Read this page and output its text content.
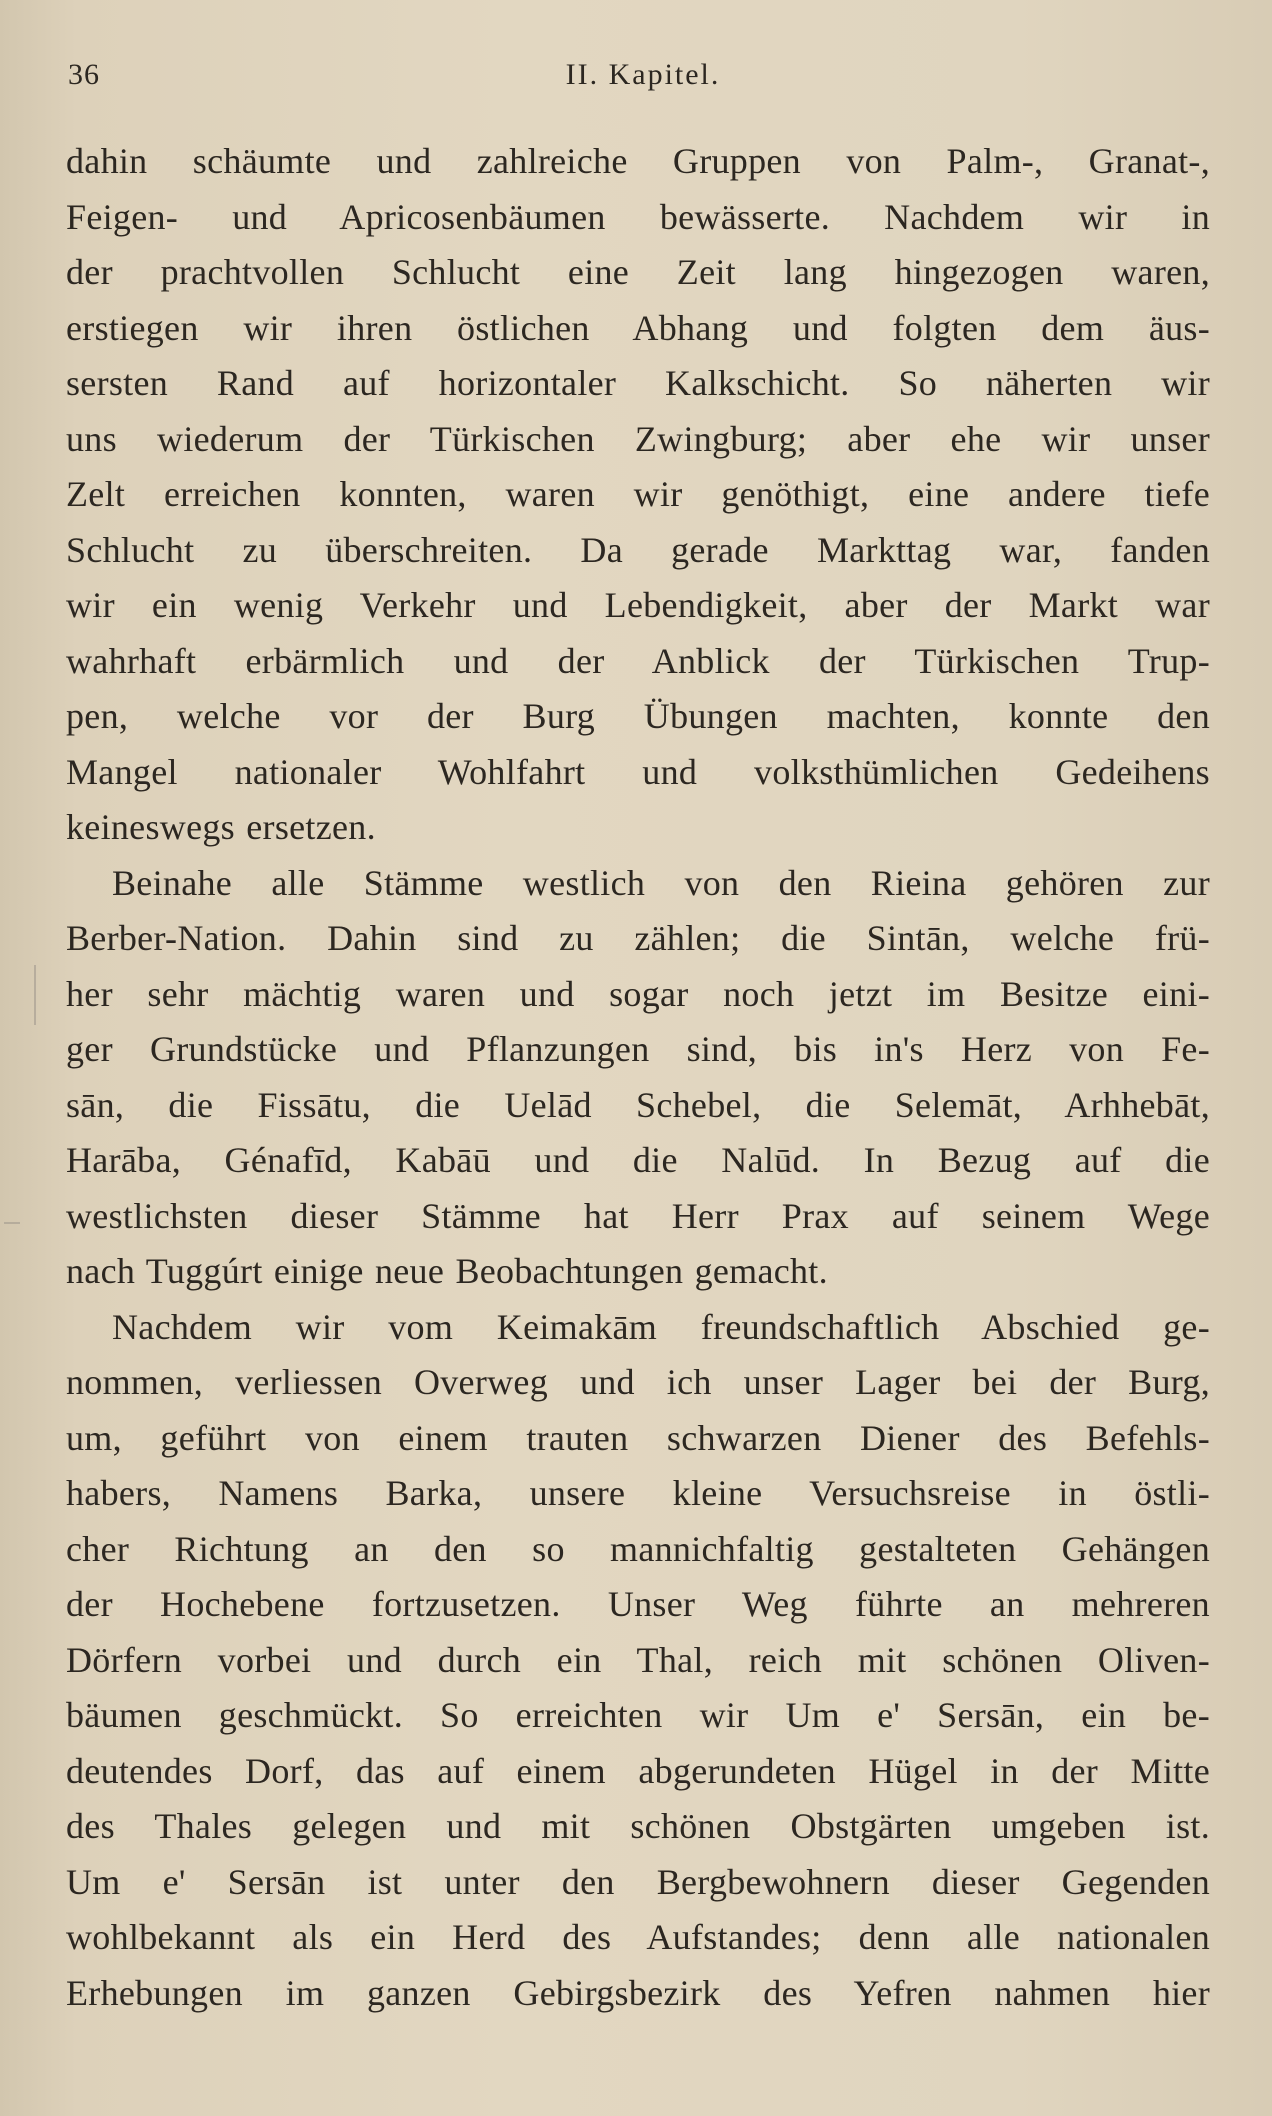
36	II. Kapitel.
dahin schäumte und zahlreiche Gruppen von Palm-, Granat-,
Feigen- und Apricosenbäumen bewässerte. Nachdem wir in
der prachtvollen Schlucht eine Zeit lang hingezogen waren,
erstiegen wir ihren östlichen Abhang und folgten dem äus-
sersten Rand auf horizontaler Kalkschicht. So näherten wir
uns wiederum der Türkischen Zwingburg; aber ehe wir unser
Zelt erreichen konnten, waren wir genöthigt, eine andere tiefe
Schlucht zu überschreiten. Da gerade Markttag war, fanden
wir ein wenig Verkehr und Lebendigkeit, aber der Markt war
wahrhaft erbärmlich und der Anblick der Türkischen Trup-
pen, welche vor der Burg Übungen machten, konnte den
Mangel nationaler Wohlfahrt und volksthümlichen Gedeihens
keineswegs ersetzen.
Beinahe alle Stämme westlich von den Rieina gehören zur
Berber-Nation. Dahin sind zu zählen; die Sintān, welche frü-
her sehr mächtig waren und sogar noch jetzt im Besitze eini-
ger Grundstücke und Pflanzungen sind, bis in's Herz von Fe-
sān, die Fissātu, die Uelād Schebel, die Selemāt, Arhhebāt,
Harāba, Génafīd, Kabāū und die Nalūd. In Bezug auf die
westlichsten dieser Stämme hat Herr Prax auf seinem Wege
nach Tuggúrt einige neue Beobachtungen gemacht.
Nachdem wir vom Keimakām freundschaftlich Abschied ge-
nommen, verliessen Overweg und ich unser Lager bei der Burg,
um, geführt von einem trauten schwarzen Diener des Befehls-
habers, Namens Barka, unsere kleine Versuchsreise in östli-
cher Richtung an den so mannichfaltig gestalteten Gehängen
der Hochebene fortzusetzen. Unser Weg führte an mehreren
Dörfern vorbei und durch ein Thal, reich mit schönen Oliven-
bäumen geschmückt. So erreichten wir Um e' Sersān, ein be-
deutendes Dorf, das auf einem abgerundeten Hügel in der Mitte
des Thales gelegen und mit schönen Obstgärten umgeben ist.
Um e' Sersān ist unter den Bergbewohnern dieser Gegenden
wohlbekannt als ein Herd des Aufstandes; denn alle nationalen
Erhebungen im ganzen Gebirgsbezirk des Yefren nahmen hier
